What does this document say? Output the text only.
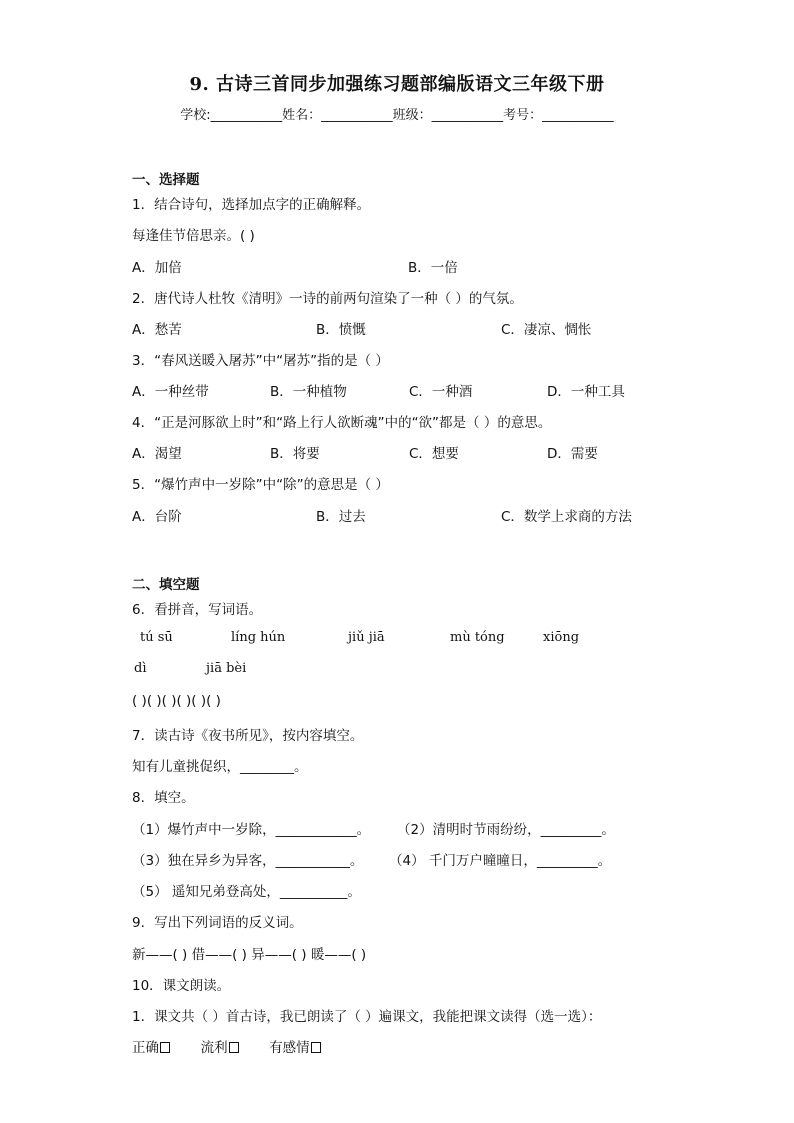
9. 古诗三首同步加强练习题部编版语文三年级下册
学校:___________姓名：___________班级：___________考号：___________
一、选择题
1．结合诗句，选择加点字的正确解释。
每逢佳节倍思亲。( )
A．加倍	B．一倍
2．唐代诗人杜牧《清明》一诗的前两句渲染了一种（ ）的气氛。
A．愁苦	B．愤慨	C．凄凉、惆怅
3．“春风送暖入屠苏”中“屠苏”指的是（ ）
A．一种丝带	B．一种植物	C．一种酒	D．一种工具
4．“正是河豚欲上时”和“路上行人欲断魂”中的“欲”都是（ ）的意思。
A．渴望	B．将要	C．想要	D．需要
5．“爆竹声中一岁除”中“除”的意思是（ ）
A．台阶	B．过去	C．数学上求商的方法
二、填空题
6．看拼音，写词语。
tú sū	líng hún	jiǔ jiā	mù tóng	xiōng
dì	jiā bèi
( )( )( )( )( )( )
7．读古诗《夜书所见》，按内容填空。
知有儿童挑促织，________。
8．填空。
（1）爆竹声中一岁除，____________。 （2）清明时节雨纷纷，_________。
（3）独在异乡为异客，___________。 （4） 千门万户曈曈日，_________。
（5） 遥知兄弟登高处，__________。
9．写出下列词语的反义词。
新——( ) 借——( ) 异——( ) 暖——( )
10．课文朗读。
1．课文共（ ）首古诗，我已朗读了（ ）遍课文，我能把课文读得（选一选）：
正确	流利	有感情
